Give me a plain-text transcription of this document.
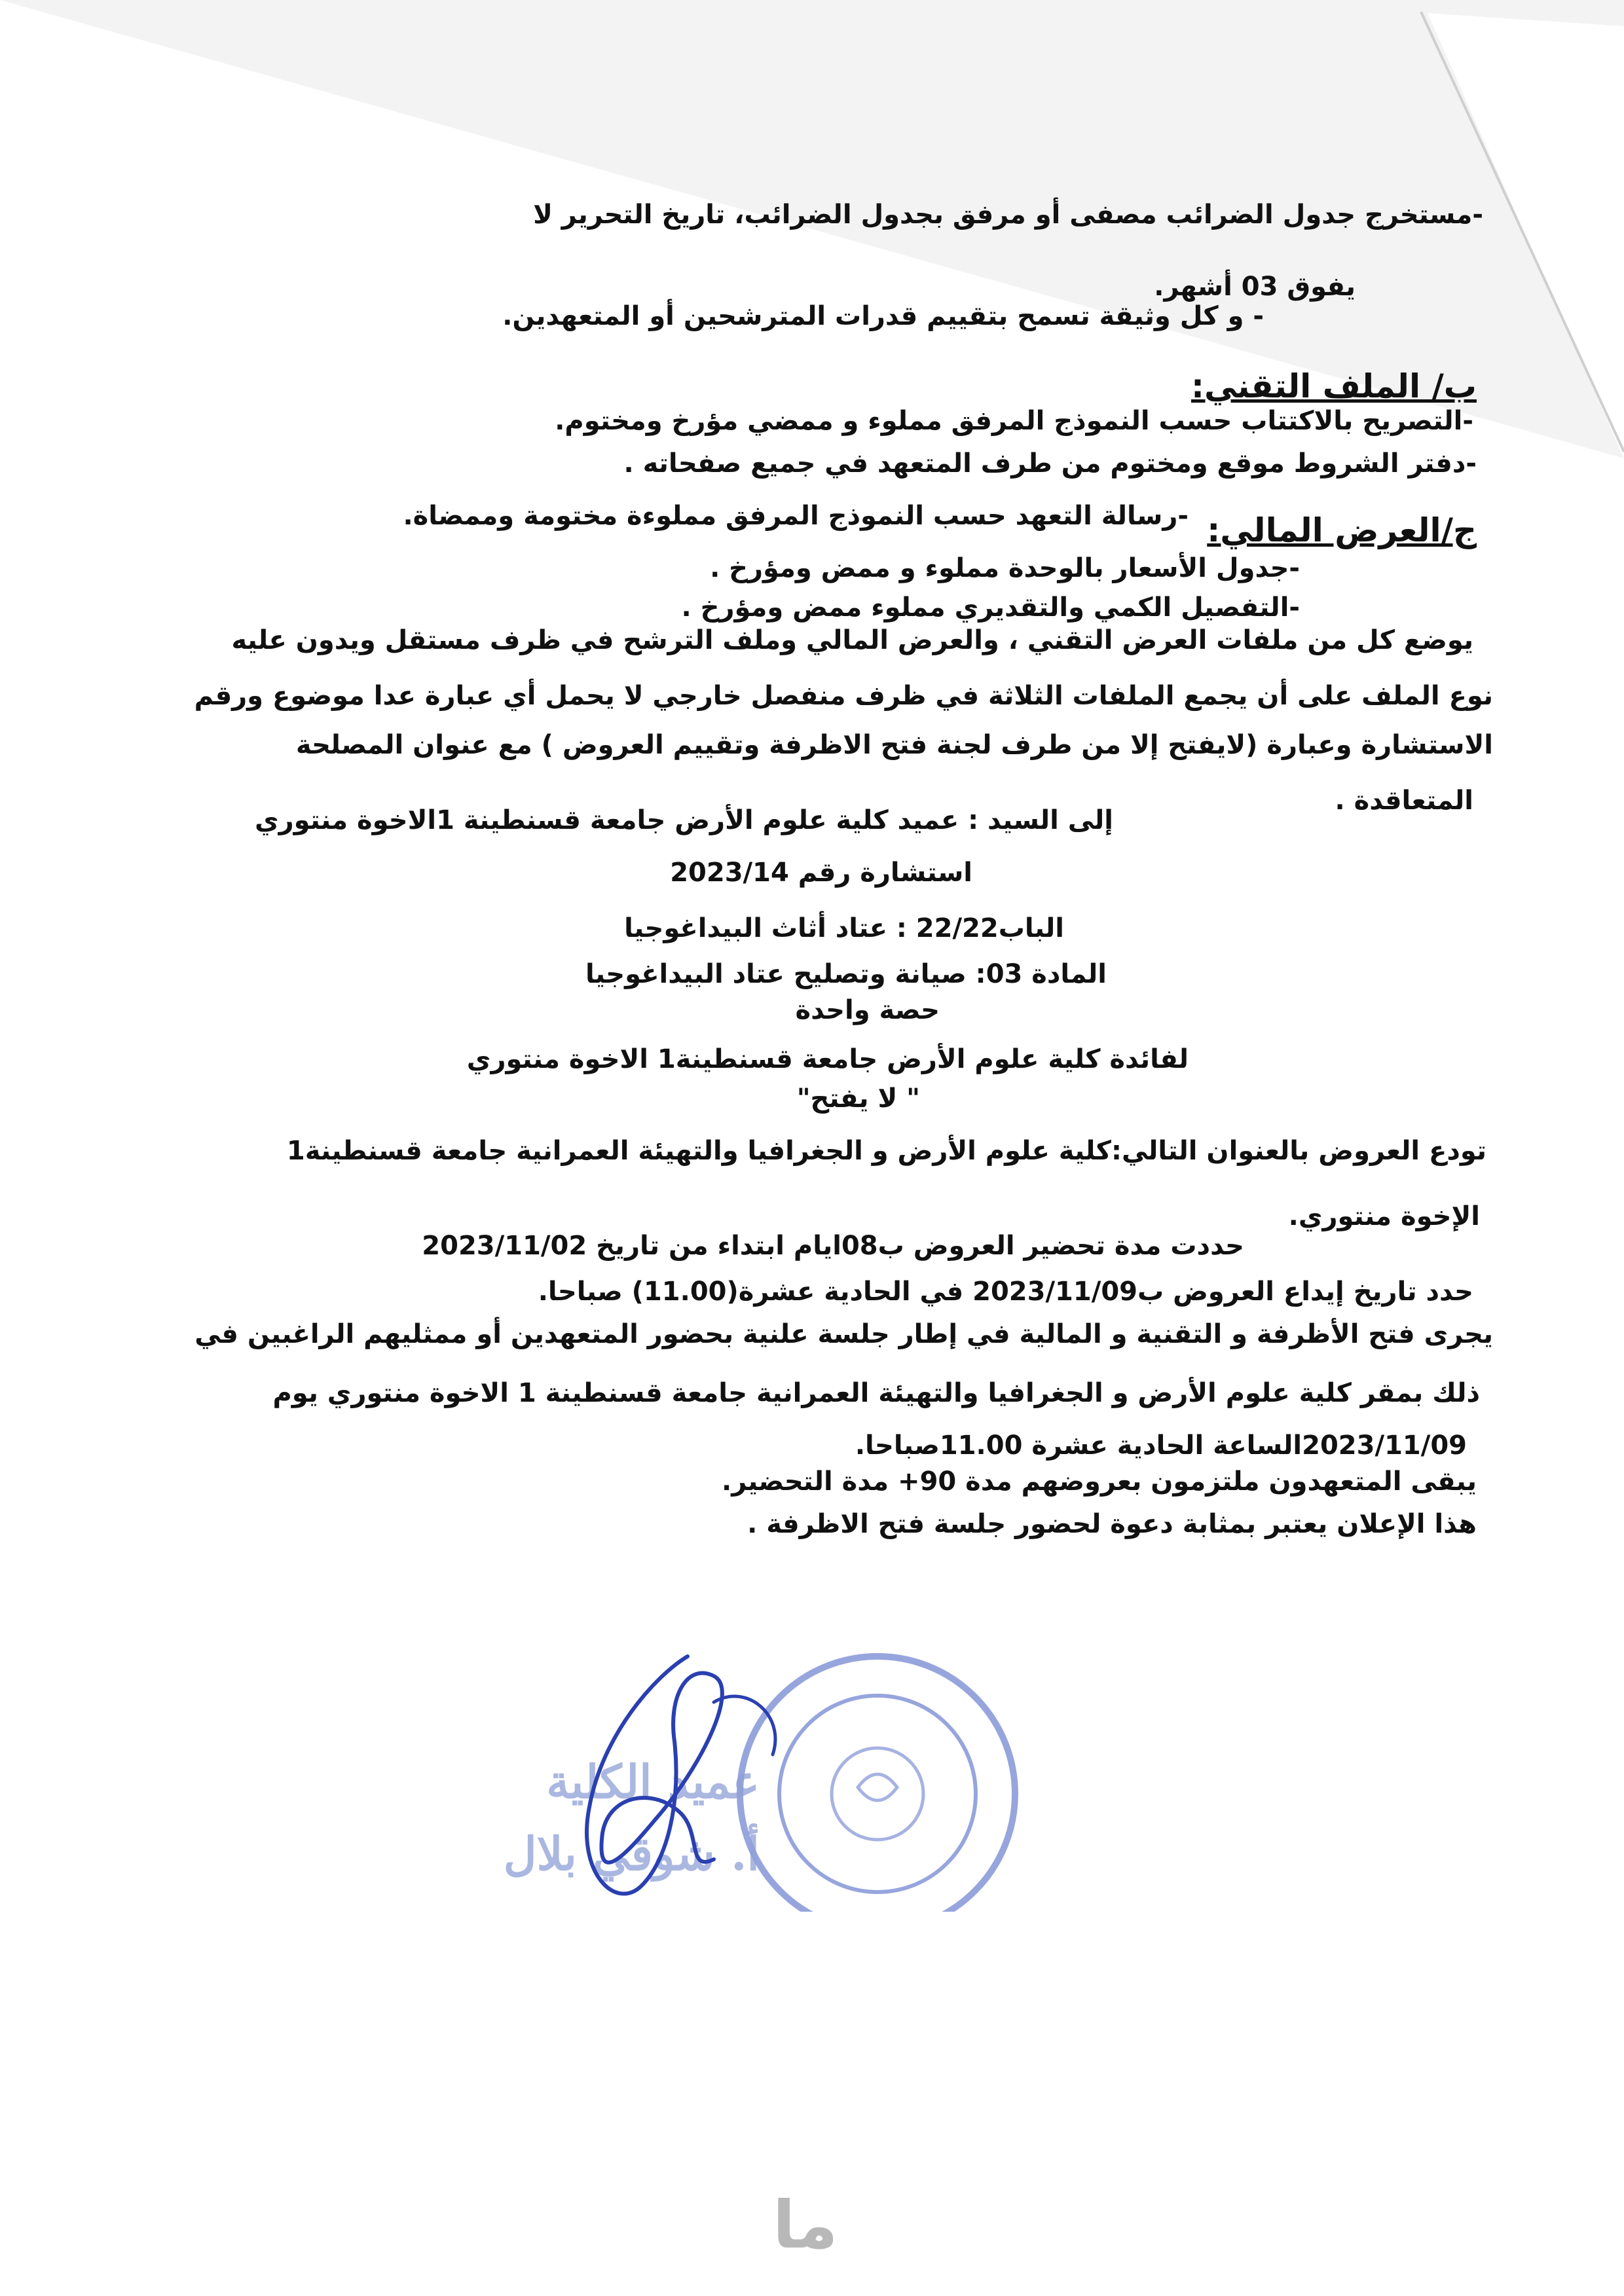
-مستخرج جدول الضرائب مصفى أو مرفق بجدول الضرائب، تاريخ التحرير لا
يفوق 03 أشهر.
- و كل وثيقة تسمح بتقييم قدرات المترشحين أو المتعهدين.
ب/ الملف التقني:
-التصريح بالاكتتاب حسب النموذج المرفق مملوء و ممضي مؤرخ ومختوم.
-دفتر الشروط موقع ومختوم من طرف المتعهد في جميع صفحاته .
ج/العرض المالي:
-رسالة التعهد حسب النموذج المرفق مملوءة مختومة وممضاة.
-جدول الأسعار بالوحدة مملوء و ممض ومؤرخ .
-التفصيل الكمي والتقديري مملوء ممض ومؤرخ .
يوضع كل من ملفات العرض التقني ، والعرض المالي وملف الترشح في ظرف مستقل ويدون عليه
نوع الملف على أن يجمع الملفات الثلاثة في ظرف منفصل خارجي لا يحمل أي عبارة عدا موضوع ورقم
الاستشارة وعبارة (لايفتح إلا من طرف لجنة فتح الاظرفة وتقييم العروض ) مع عنوان المصلحة
المتعاقدة .
إلى السيد : عميد كلية علوم الأرض جامعة قسنطينة 1الاخوة منتوري
استشارة رقم 2023/14
الباب22/22 : عتاد أثاث البيداغوجيا
المادة 03: صيانة وتصليح عتاد البيداغوجيا
حصة واحدة
لفائدة كلية علوم الأرض جامعة قسنطينة1 الاخوة منتوري
" لا يفتح"
تودع العروض بالعنوان التالي:كلية علوم الأرض و الجغرافيا والتهيئة العمرانية جامعة قسنطينة1
الإخوة منتوري.
حددت مدة تحضير العروض ب08ايام ابتداء من تاريخ 2023/11/02
حدد تاريخ إيداع العروض ب2023/11/09 في الحادية عشرة(11.00) صباحا.
يجرى فتح الأظرفة و التقنية و المالية في إطار جلسة علنية بحضور المتعهدين أو ممثليهم الراغبين في
ذلك بمقر كلية علوم الأرض و الجغرافيا والتهيئة العمرانية جامعة قسنطينة 1 الاخوة منتوري يوم
2023/11/09الساعة الحادية عشرة 11.00صباحا.
يبقى المتعهدون ملتزمون بعروضهم مدة 90+ مدة التحضير.
هذا الإعلان يعتبر بمثابة دعوة لحضور جلسة فتح الاظرفة .
عميد الكلية
أ. شوقي بلال
ما
